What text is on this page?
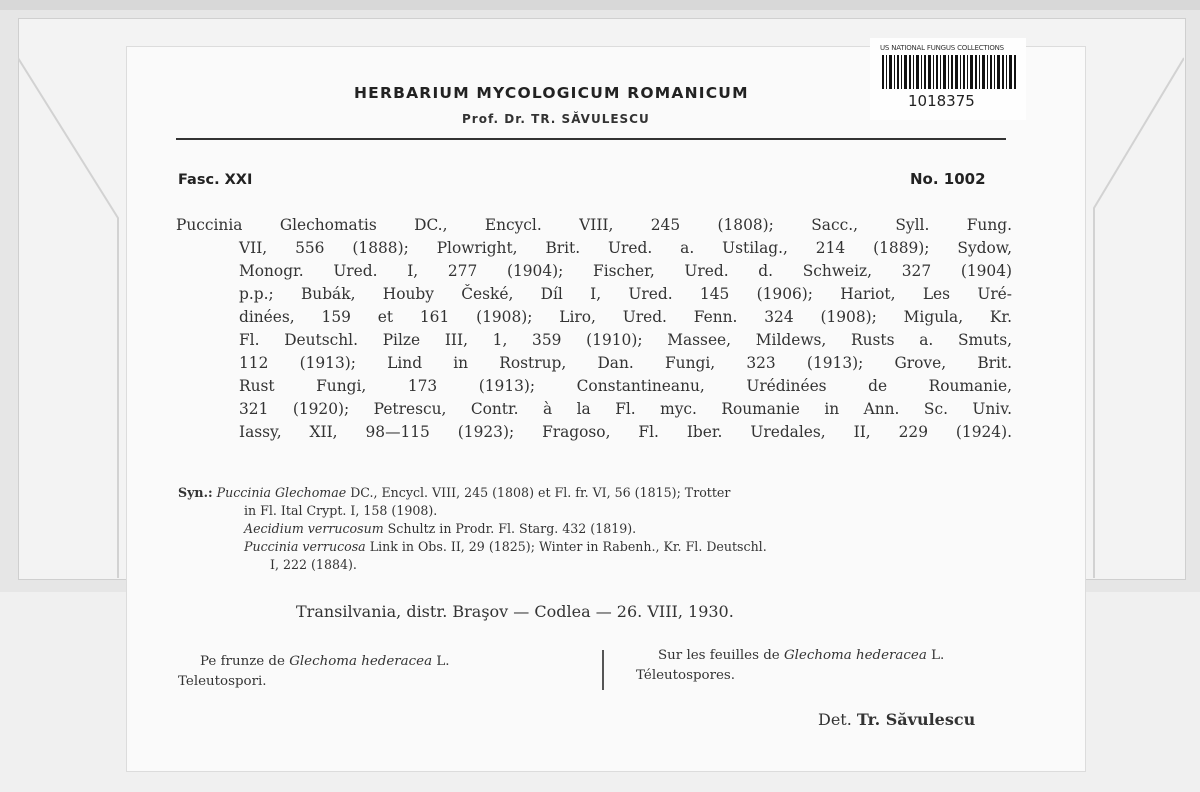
US NATIONAL FUNGUS COLLECTIONS
1018375
HERBARIUM MYCOLOGICUM ROMANICUM
Prof. Dr. TR. SĂVULESCU
Fasc. XXI	No. 1002
Puccinia Glechomatis DC., Encycl. VIII, 245 (1808); Sacc., Syll. Fung.
VII, 556 (1888); Plowright, Brit. Ured. a. Ustilag., 214 (1889); Sydow,
Monogr. Ured. I, 277 (1904); Fischer, Ured. d. Schweiz, 327 (1904)
p.p.; Bubák, Houby České, Díl I, Ured. 145 (1906); Hariot, Les Uré-
dinées, 159 et 161 (1908); Liro, Ured. Fenn. 324 (1908); Migula, Kr.
Fl. Deutschl. Pilze III, 1, 359 (1910); Massee, Mildews, Rusts a. Smuts,
112 (1913); Lind in Rostrup, Dan. Fungi, 323 (1913); Grove, Brit.
Rust Fungi, 173 (1913); Constantineanu, Urédinées de Roumanie,
321 (1920); Petrescu, Contr. à la Fl. myc. Roumanie in Ann. Sc. Univ.
Iassy, XII, 98—115 (1923); Fragoso, Fl. Iber. Uredales, II, 229 (1924).
Syn.: Puccinia Glechomae DC., Encycl. VIII, 245 (1808) et Fl. fr. VI, 56 (1815); Trotter
in Fl. Ital Crypt. I, 158 (1908).
Aecidium verrucosum Schultz in Prodr. Fl. Starg. 432 (1819).
Puccinia verrucosa Link in Obs. II, 29 (1825); Winter in Rabenh., Kr. Fl. Deutschl.
I, 222 (1884).
Transilvania, distr. Braşov — Codlea — 26. VIII, 1930.
Pe frunze de Glechoma hederacea L.
Teleutospori.
Sur les feuilles de Glechoma hederacea L.
Téleutospores.
Det. Tr. Săvulescu
